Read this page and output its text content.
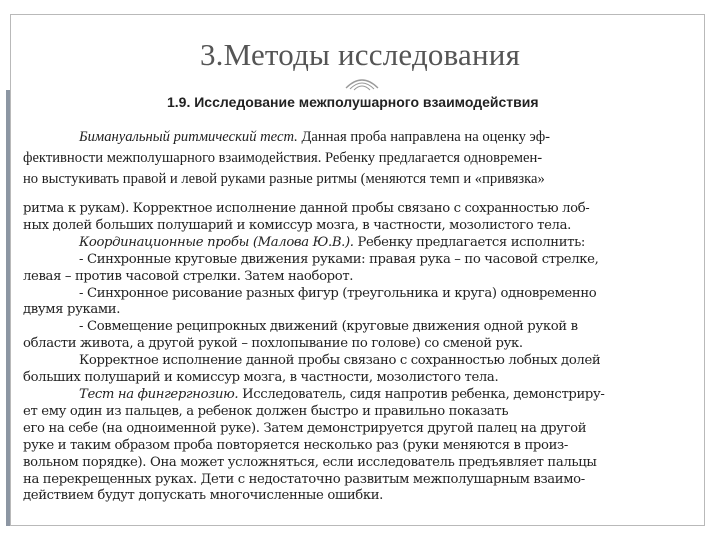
3.Методы исследования
1.9. Исследование межполушарного взаимодействия
Бимануальный ритмический тест. Данная проба направлена на оценку эф-
фективности межполушарного взаимодействия. Ребенку предлагается одновремен-
но выстукивать правой и левой руками разные ритмы (меняются темп и «привязка»
ритма к рукам). Корректное исполнение данной пробы связано с сохранностью лоб-
ных долей больших полушарий и комиссур мозга, в частности, мозолистого тела.
Координационные пробы (Малова Ю.В.). Ребенку предлагается исполнить:
- Синхронные круговые движения руками: правая рука – по часовой стрелке,
левая – против часовой стрелки. Затем наоборот.
- Синхронное рисование разных фигур (треугольника и круга) одновременно
двумя руками.
- Совмещение реципрокных движений (круговые движения одной рукой в
области живота, а другой рукой – похлопывание по голове) со сменой рук.
Корректное исполнение данной пробы связано с сохранностью лобных долей
больших полушарий и комиссур мозга, в частности, мозолистого тела.
Тест на фингергнозию. Исследователь, сидя напротив ребенка, демонстриру-
ет ему один из пальцев, а ребенок должен быстро и правильно показать
его на себе (на одноименной руке). Затем демонстрируется другой палец на другой
руке и таким образом проба повторяется несколько раз (руки меняются в произ-
вольном порядке). Она может усложняться, если исследователь предъявляет пальцы
на перекрещенных руках. Дети с недостаточно развитым межполушарным взаимо-
действием будут допускать многочисленные ошибки.
